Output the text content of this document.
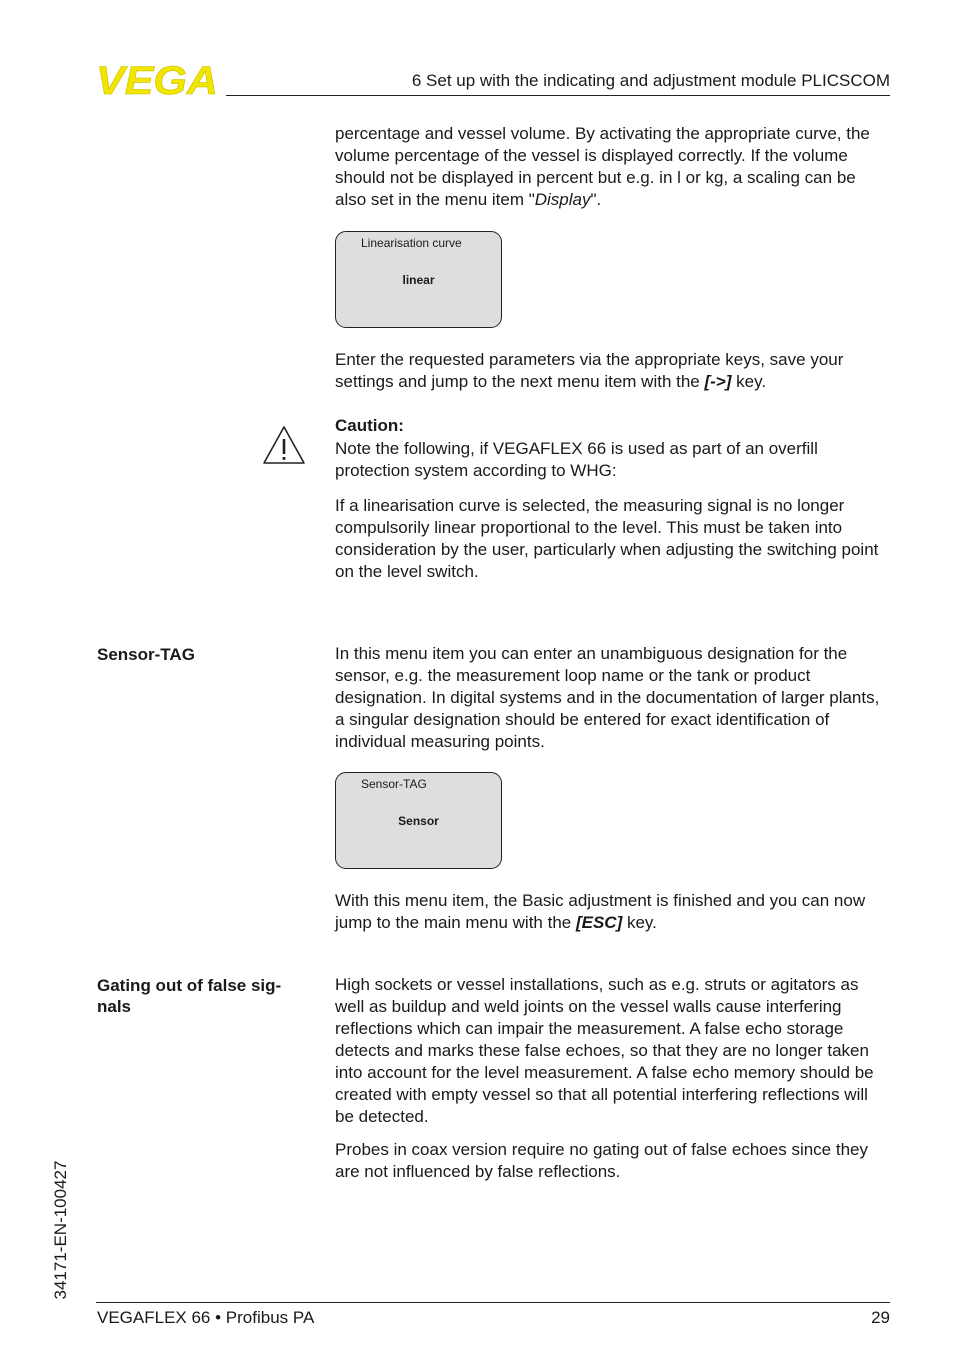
VEGA	6 Set up with the indicating and adjustment module PLICSCOM

percentage and vessel volume. By activating the appropriate curve, the volume percentage of the vessel is displayed correctly. If the volume should not be displayed in percent but e.g. in l or kg, a scaling can be also set in the menu item "Display".

Linearisation curve
linear

Enter the requested parameters via the appropriate keys, save your settings and jump to the next menu item with the [->] key.

Caution:

Note the following, if VEGAFLEX 66 is used as part of an overfill protection system according to WHG:

If a linearisation curve is selected, the measuring signal is no longer compulsorily linear proportional to the level. This must be taken into consideration by the user, particularly when adjusting the switching point on the level switch.

Sensor-TAG	In this menu item you can enter an unambiguous designation for the sensor, e.g. the measurement loop name or the tank or product designation. In digital systems and in the documentation of larger plants, a singular designation should be entered for exact identification of individual measuring points.

Sensor-TAG
Sensor

With this menu item, the Basic adjustment is finished and you can now jump to the main menu with the [ESC] key.

Gating out of false sig-
nals

High sockets or vessel installations, such as e.g. struts or agitators as well as buildup and weld joints on the vessel walls cause interfering reflections which can impair the measurement. A false echo storage detects and marks these false echoes, so that they are no longer taken into account for the level measurement. A false echo memory should be created with empty vessel so that all potential interfering reflections will be detected.

Probes in coax version require no gating out of false echoes since they are not influenced by false reflections.

34171-EN-100427
VEGAFLEX 66 • Profibus PA	29
